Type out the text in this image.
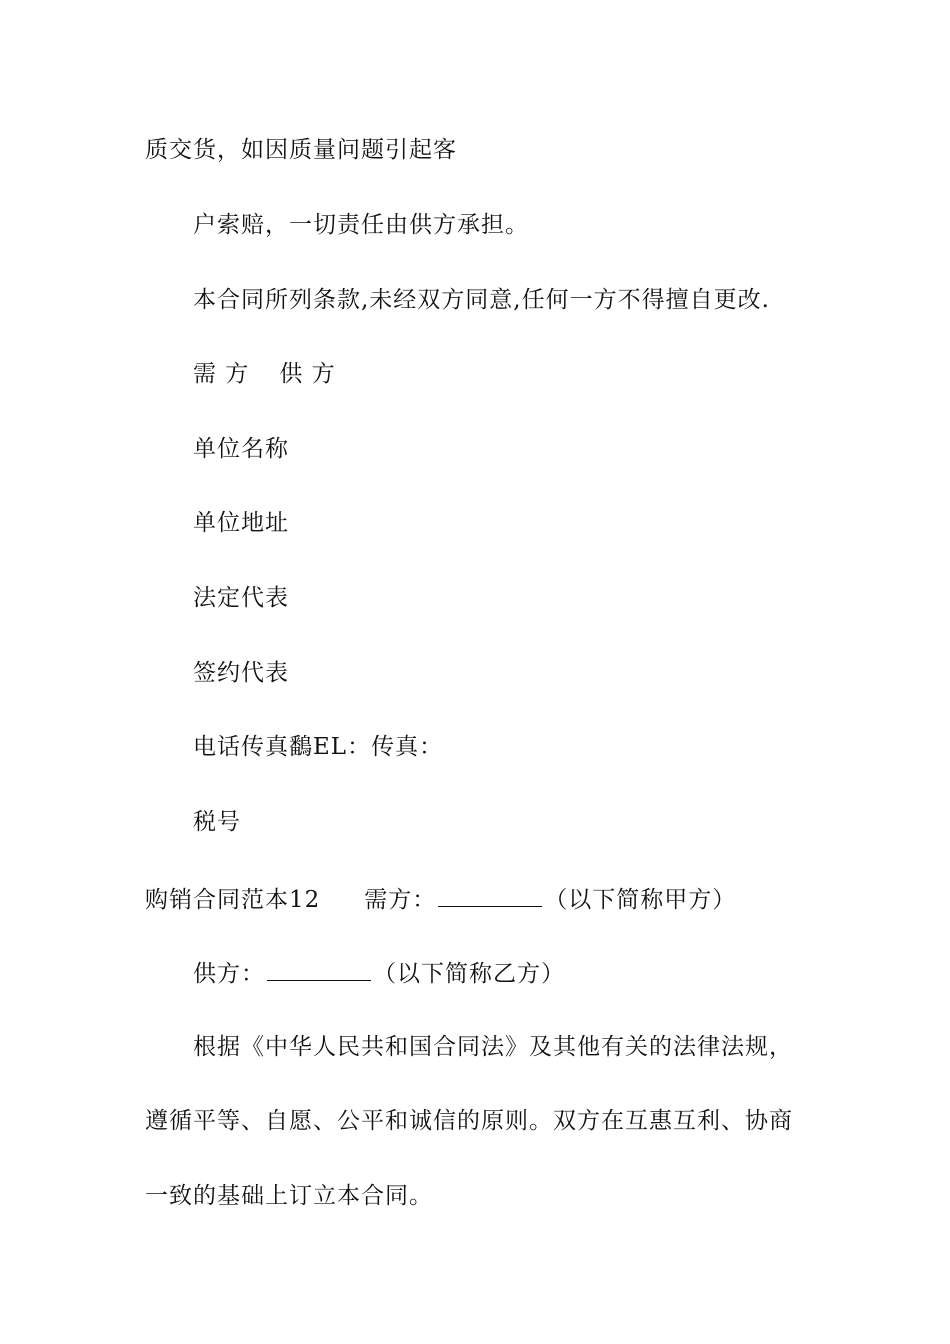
质交货，如因质量问题引起客
户索赔，一切责任由供方承担。
本合同所列条款,未经双方同意,任何一方不得擅自更改.
需 方 供 方
单位名称
单位地址
法定代表
签约代表
电话传真鷭EL：传真：
税号
购销合同范本12 需方：	（以下简称甲方）
供方：	（以下简称乙方）
根据《中华人民共和国合同法》及其他有关的法律法规，
遵循平等、自愿、公平和诚信的原则。双方在互惠互利、协商
一致的基础上订立本合同。
